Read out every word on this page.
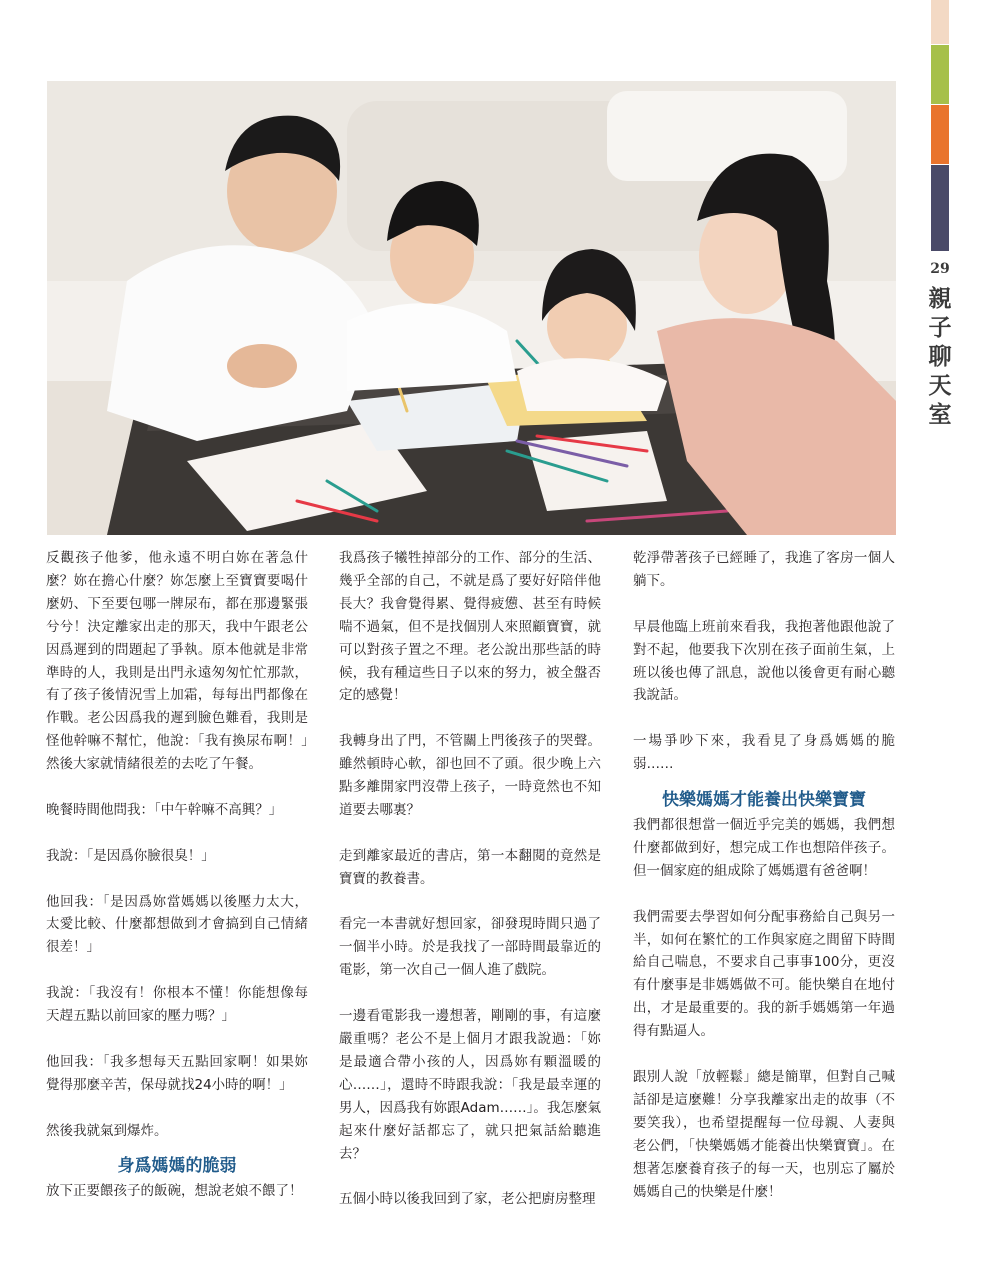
29
親
子
聊
天
室

反觀孩子他爹，他永遠不明白妳在著急什麼？妳在擔心什麼？妳怎麼上至寶寶要喝什麼奶、下至要包哪一牌尿布，都在那邊緊張兮兮！決定離家出走的那天，我中午跟老公因爲遲到的問題起了爭執。原本他就是非常準時的人，我則是出門永遠匆匆忙忙那款，有了孩子後情況雪上加霜，每每出門都像在作戰。老公因爲我的遲到臉色難看，我則是怪他幹嘛不幫忙，他說：「我有換尿布啊！」然後大家就情緒很差的去吃了午餐。

晚餐時間他問我：「中午幹嘛不高興？」

我說：「是因爲你臉很臭！」

他回我：「是因爲妳當媽媽以後壓力太大，太愛比較、什麼都想做到才會搞到自己情緒很差！」

我說：「我沒有！你根本不懂！你能想像每天趕五點以前回家的壓力嗎？」

他回我：「我多想每天五點回家啊！如果妳覺得那麼辛苦，保母就找24小時的啊！」

然後我就氣到爆炸。

身爲媽媽的脆弱

放下正要餵孩子的飯碗，想說老娘不餵了！

我爲孩子犧牲掉部分的工作、部分的生活、幾乎全部的自己，不就是爲了要好好陪伴他長大？我會覺得累、覺得疲憊、甚至有時候喘不過氣，但不是找個別人來照顧寶寶，就可以對孩子置之不理。老公說出那些話的時候，我有種這些日子以來的努力，被全盤否定的感覺！

我轉身出了門，不管關上門後孩子的哭聲。雖然頓時心軟，卻也回不了頭。很少晚上六點多離開家門沒帶上孩子，一時竟然也不知道要去哪裏？

走到離家最近的書店，第一本翻閱的竟然是寶寶的教養書。

看完一本書就好想回家，卻發現時間只過了一個半小時。於是我找了一部時間最靠近的電影，第一次自己一個人進了戲院。

一邊看電影我一邊想著，剛剛的事，有這麼嚴重嗎？老公不是上個月才跟我說過：「妳是最適合帶小孩的人，因爲妳有顆溫暖的心……」，還時不時跟我說：「我是最幸運的男人，因爲我有妳跟Adam……」。我怎麼氣起來什麼好話都忘了，就只把氣話給聽進去？

五個小時以後我回到了家，老公把廚房整理

乾淨帶著孩子已經睡了，我進了客房一個人躺下。

早晨他臨上班前來看我，我抱著他跟他說了對不起，他要我下次別在孩子面前生氣，上班以後也傳了訊息，說他以後會更有耐心聽我說話。

一場爭吵下來，我看見了身爲媽媽的脆弱……

快樂媽媽才能養出快樂寶寶

我們都很想當一個近乎完美的媽媽，我們想什麼都做到好，想完成工作也想陪伴孩子。但一個家庭的組成除了媽媽還有爸爸啊！

我們需要去學習如何分配事務給自己與另一半，如何在繁忙的工作與家庭之間留下時間給自己喘息，不要求自己事事100分，更沒有什麼事是非媽媽做不可。能快樂自在地付出，才是最重要的。我的新手媽媽第一年過得有點逼人。

跟別人說「放輕鬆」總是簡單，但對自己喊話卻是這麼難！分享我離家出走的故事（不要笑我），也希望提醒每一位母親、人妻與老公們，「快樂媽媽才能養出快樂寶寶」。在想著怎麼養育孩子的每一天，也別忘了屬於媽媽自己的快樂是什麼！
